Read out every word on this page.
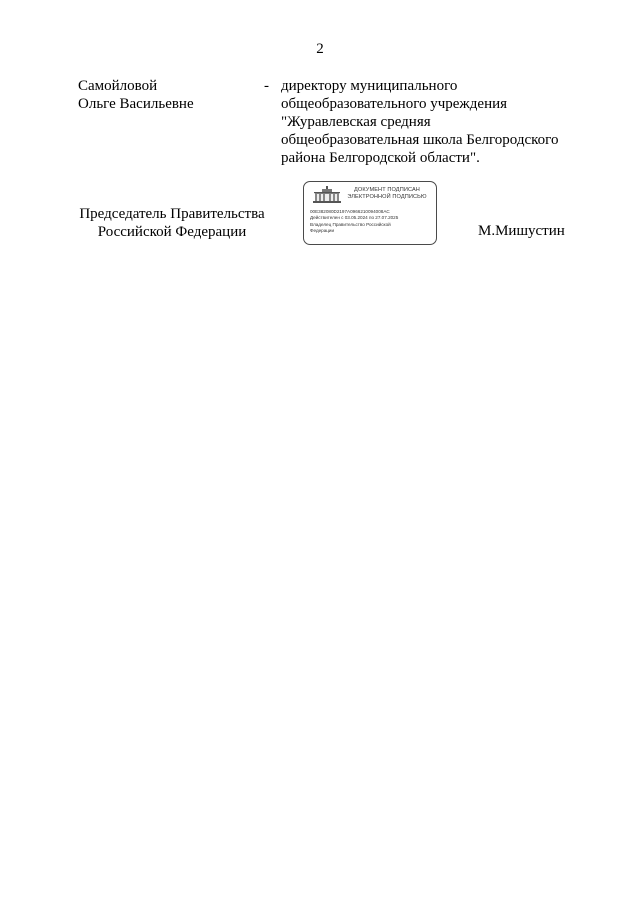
2
Самойловой
Ольге Васильевне
- директору муниципального
общеобразовательного учреждения
"Журавлевская средняя
общеобразовательная школа Белгородского
района Белгородской области".
Председатель Правительства
Российской Федерации
ДОКУМЕНТ ПОДПИСАН
ЭЛЕКТРОННОЙ ПОДПИСЬЮ
00E382080D2197A0966210094008AC
Действителен с 03.05.2024 по 27.07.2025
Владелец Правительство Российской
Федерации	М.Мишустин
